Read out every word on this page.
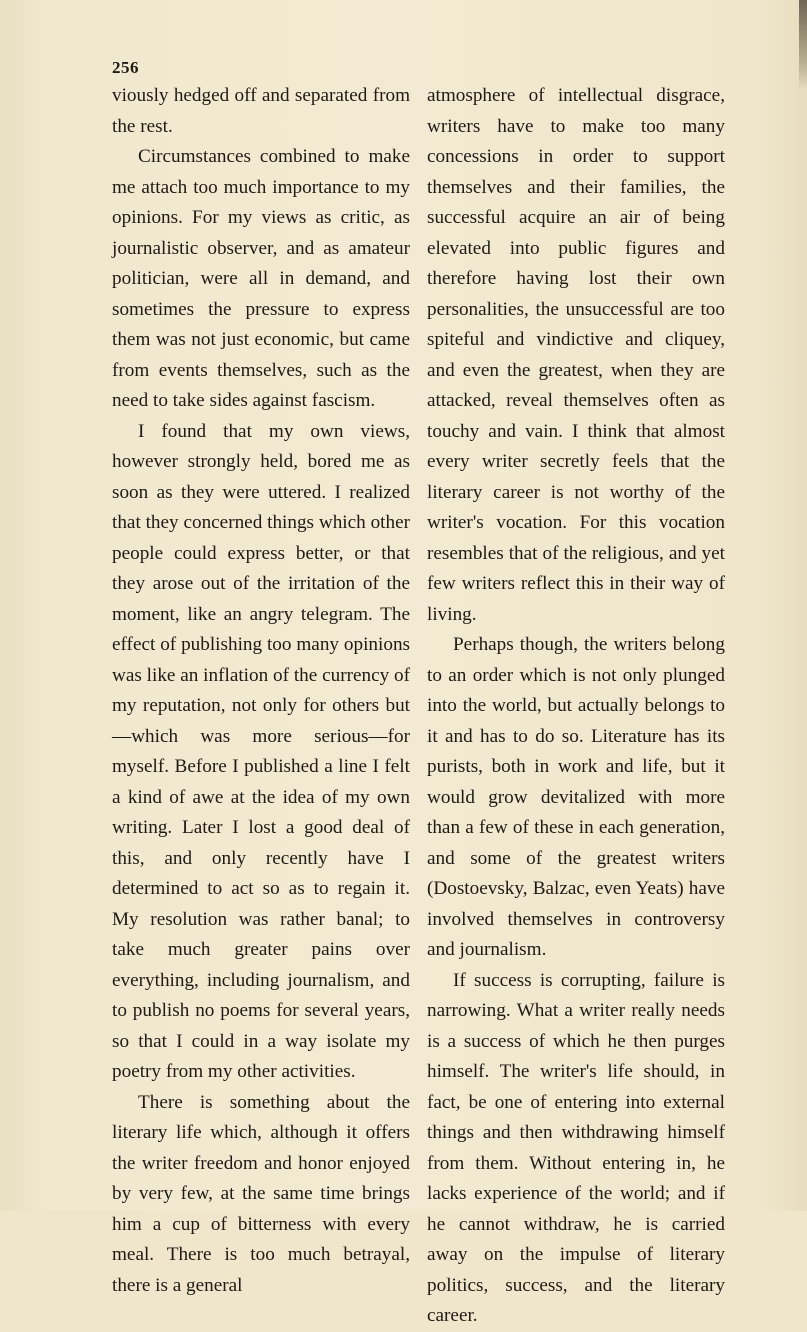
256

viously hedged off and separated from the rest.

Circumstances combined to make me attach too much importance to my opinions. For my views as critic, as journalistic observer, and as amateur politician, were all in demand, and sometimes the pressure to express them was not just economic, but came from events themselves, such as the need to take sides against fascism.

I found that my own views, however strongly held, bored me as soon as they were uttered. I realized that they concerned things which other people could express better, or that they arose out of the irritation of the moment, like an angry telegram. The effect of publishing too many opinions was like an inflation of the currency of my reputation, not only for others but —which was more serious—for myself. Before I published a line I felt a kind of awe at the idea of my own writing. Later I lost a good deal of this, and only recently have I determined to act so as to regain it. My resolution was rather banal; to take much greater pains over everything, including journalism, and to publish no poems for several years, so that I could in a way isolate my poetry from my other activities.

There is something about the literary life which, although it offers the writer freedom and honor enjoyed by very few, at the same time brings him a cup of bitterness with every meal. There is too much betrayal, there is a general

atmosphere of intellectual disgrace, writers have to make too many concessions in order to support themselves and their families, the successful acquire an air of being elevated into public figures and therefore having lost their own personalities, the unsuccessful are too spiteful and vindictive and cliquey, and even the greatest, when they are attacked, reveal themselves often as touchy and vain. I think that almost every writer secretly feels that the literary career is not worthy of the writer's vocation. For this vocation resembles that of the religious, and yet few writers reflect this in their way of living.

Perhaps though, the writers belong to an order which is not only plunged into the world, but actually belongs to it and has to do so. Literature has its purists, both in work and life, but it would grow devitalized with more than a few of these in each generation, and some of the greatest writers (Dostoevsky, Balzac, even Yeats) have involved themselves in controversy and journalism.

If success is corrupting, failure is narrowing. What a writer really needs is a success of which he then purges himself. The writer's life should, in fact, be one of entering into external things and then withdrawing himself from them. Without entering in, he lacks experience of the world; and if he cannot withdraw, he is carried away on the impulse of literary politics, success, and the literary career.
